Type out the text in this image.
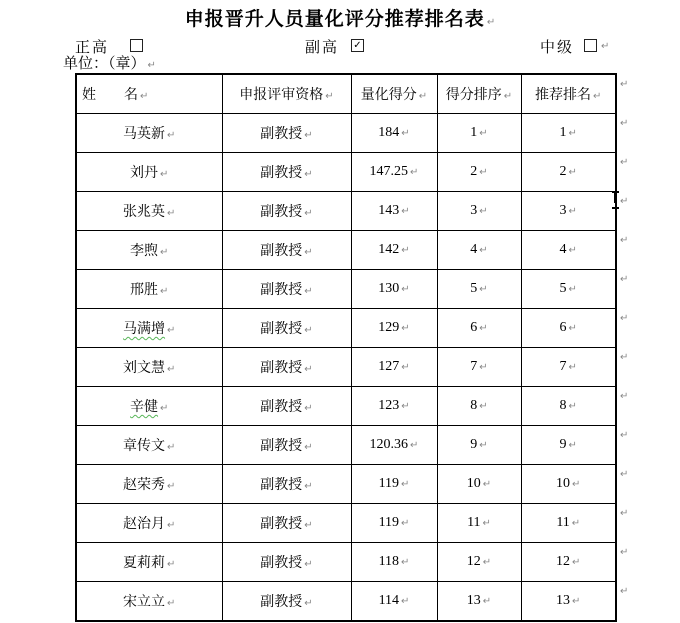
申报晋升人员量化评分推荐排名表 ↵
正高	副高 ✓	中级	↵
单位：（章） ↵
姓　　名 ↵	申报评审资格 ↵	量化得分 ↵	得分排序 ↵	推荐排名 ↵
马英新 ↵	副教授 ↵	184 ↵	1 ↵	1 ↵
刘丹 ↵	副教授 ↵	147.25 ↵	2 ↵	2 ↵
张兆英 ↵	副教授 ↵	143 ↵	3 ↵	3 ↵
李煦 ↵	副教授 ↵	142 ↵	4 ↵	4 ↵
邢胜 ↵	副教授 ↵	130 ↵	5 ↵	5 ↵
马满增 ↵	副教授 ↵	129 ↵	6 ↵	6 ↵
刘文慧 ↵	副教授 ↵	127 ↵	7 ↵	7 ↵
辛健 ↵	副教授 ↵	123 ↵	8 ↵	8 ↵
章传文 ↵	副教授 ↵	120.36 ↵	9 ↵	9 ↵
赵荣秀 ↵	副教授 ↵	119 ↵	10 ↵	10 ↵
赵治月 ↵	副教授 ↵	119 ↵	11 ↵	11 ↵
夏莉莉 ↵	副教授 ↵	118 ↵	12 ↵	12 ↵
宋立立 ↵	副教授 ↵	114 ↵	13 ↵	13 ↵
↵
↵
↵
↵
↵
↵
↵
↵
↵
↵
↵
↵
↵
↵
